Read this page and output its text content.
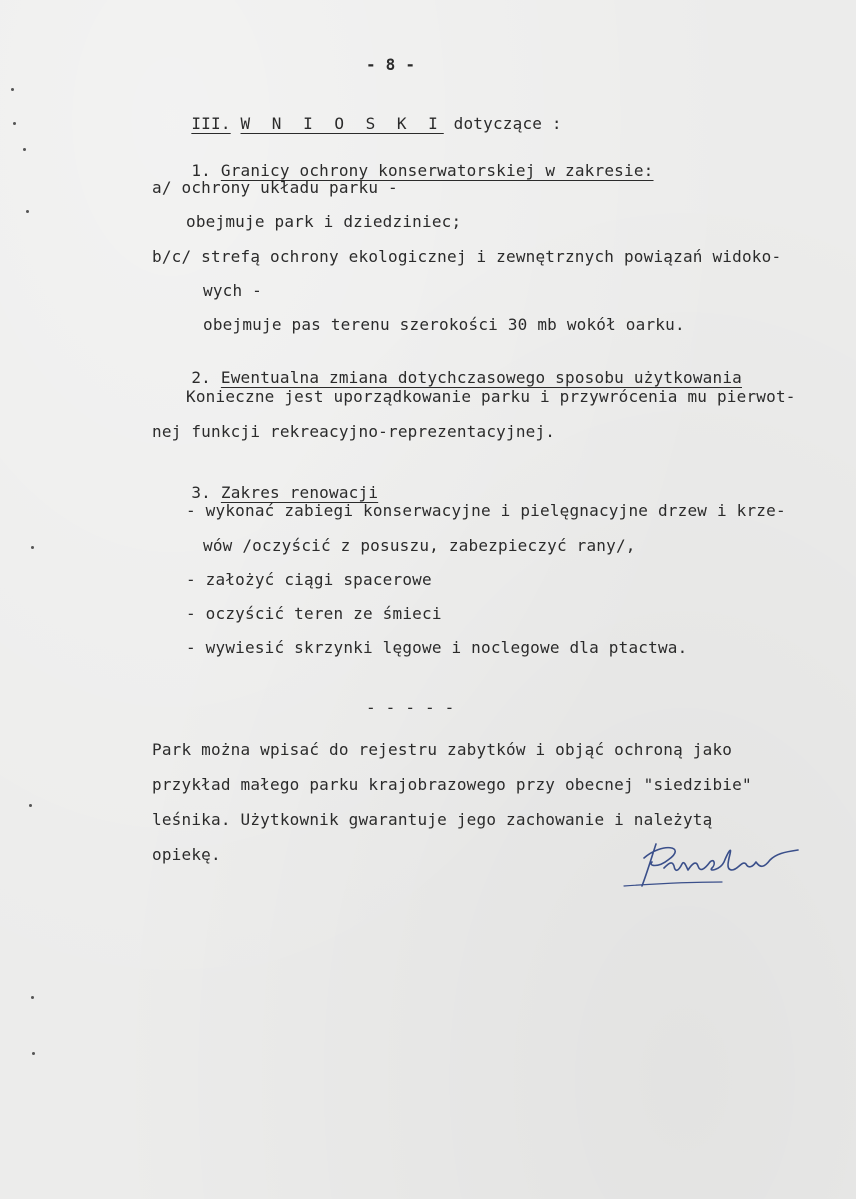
- 8 -

III. W N I O S K I dotyczące :

1. Granicy ochrony konserwatorskiej w zakresie:

a/ ochrony układu parku -
obejmuje park i dziedziniec;
b/c/ strefą ochrony ekologicznej i zewnętrznych powiązań widoko-
wych -
obejmuje pas terenu szerokości 30 mb wokół oarku.

2. Ewentualna zmiana dotychczasowego sposobu użytkowania

Konieczne jest uporządkowanie parku i przywrócenia mu pierwot-
nej funkcji rekreacyjno-reprezentacyjnej.

3. Zakres renowacji

- wykonać zabiegi konserwacyjne i pielęgnacyjne drzew i krze-
wów /oczyścić z posuszu, zabezpieczyć rany/,
- założyć ciągi spacerowe
- oczyścić teren ze śmieci
- wywiesić skrzynki lęgowe i noclegowe dla ptactwa.
- - - - -
Park można wpisać do rejestru zabytków i objąć ochroną jako
przykład małego parku krajobrazowego przy obecnej "siedzibie"
leśnika. Użytkownik gwarantuje jego zachowanie i należytą
opiekę.
